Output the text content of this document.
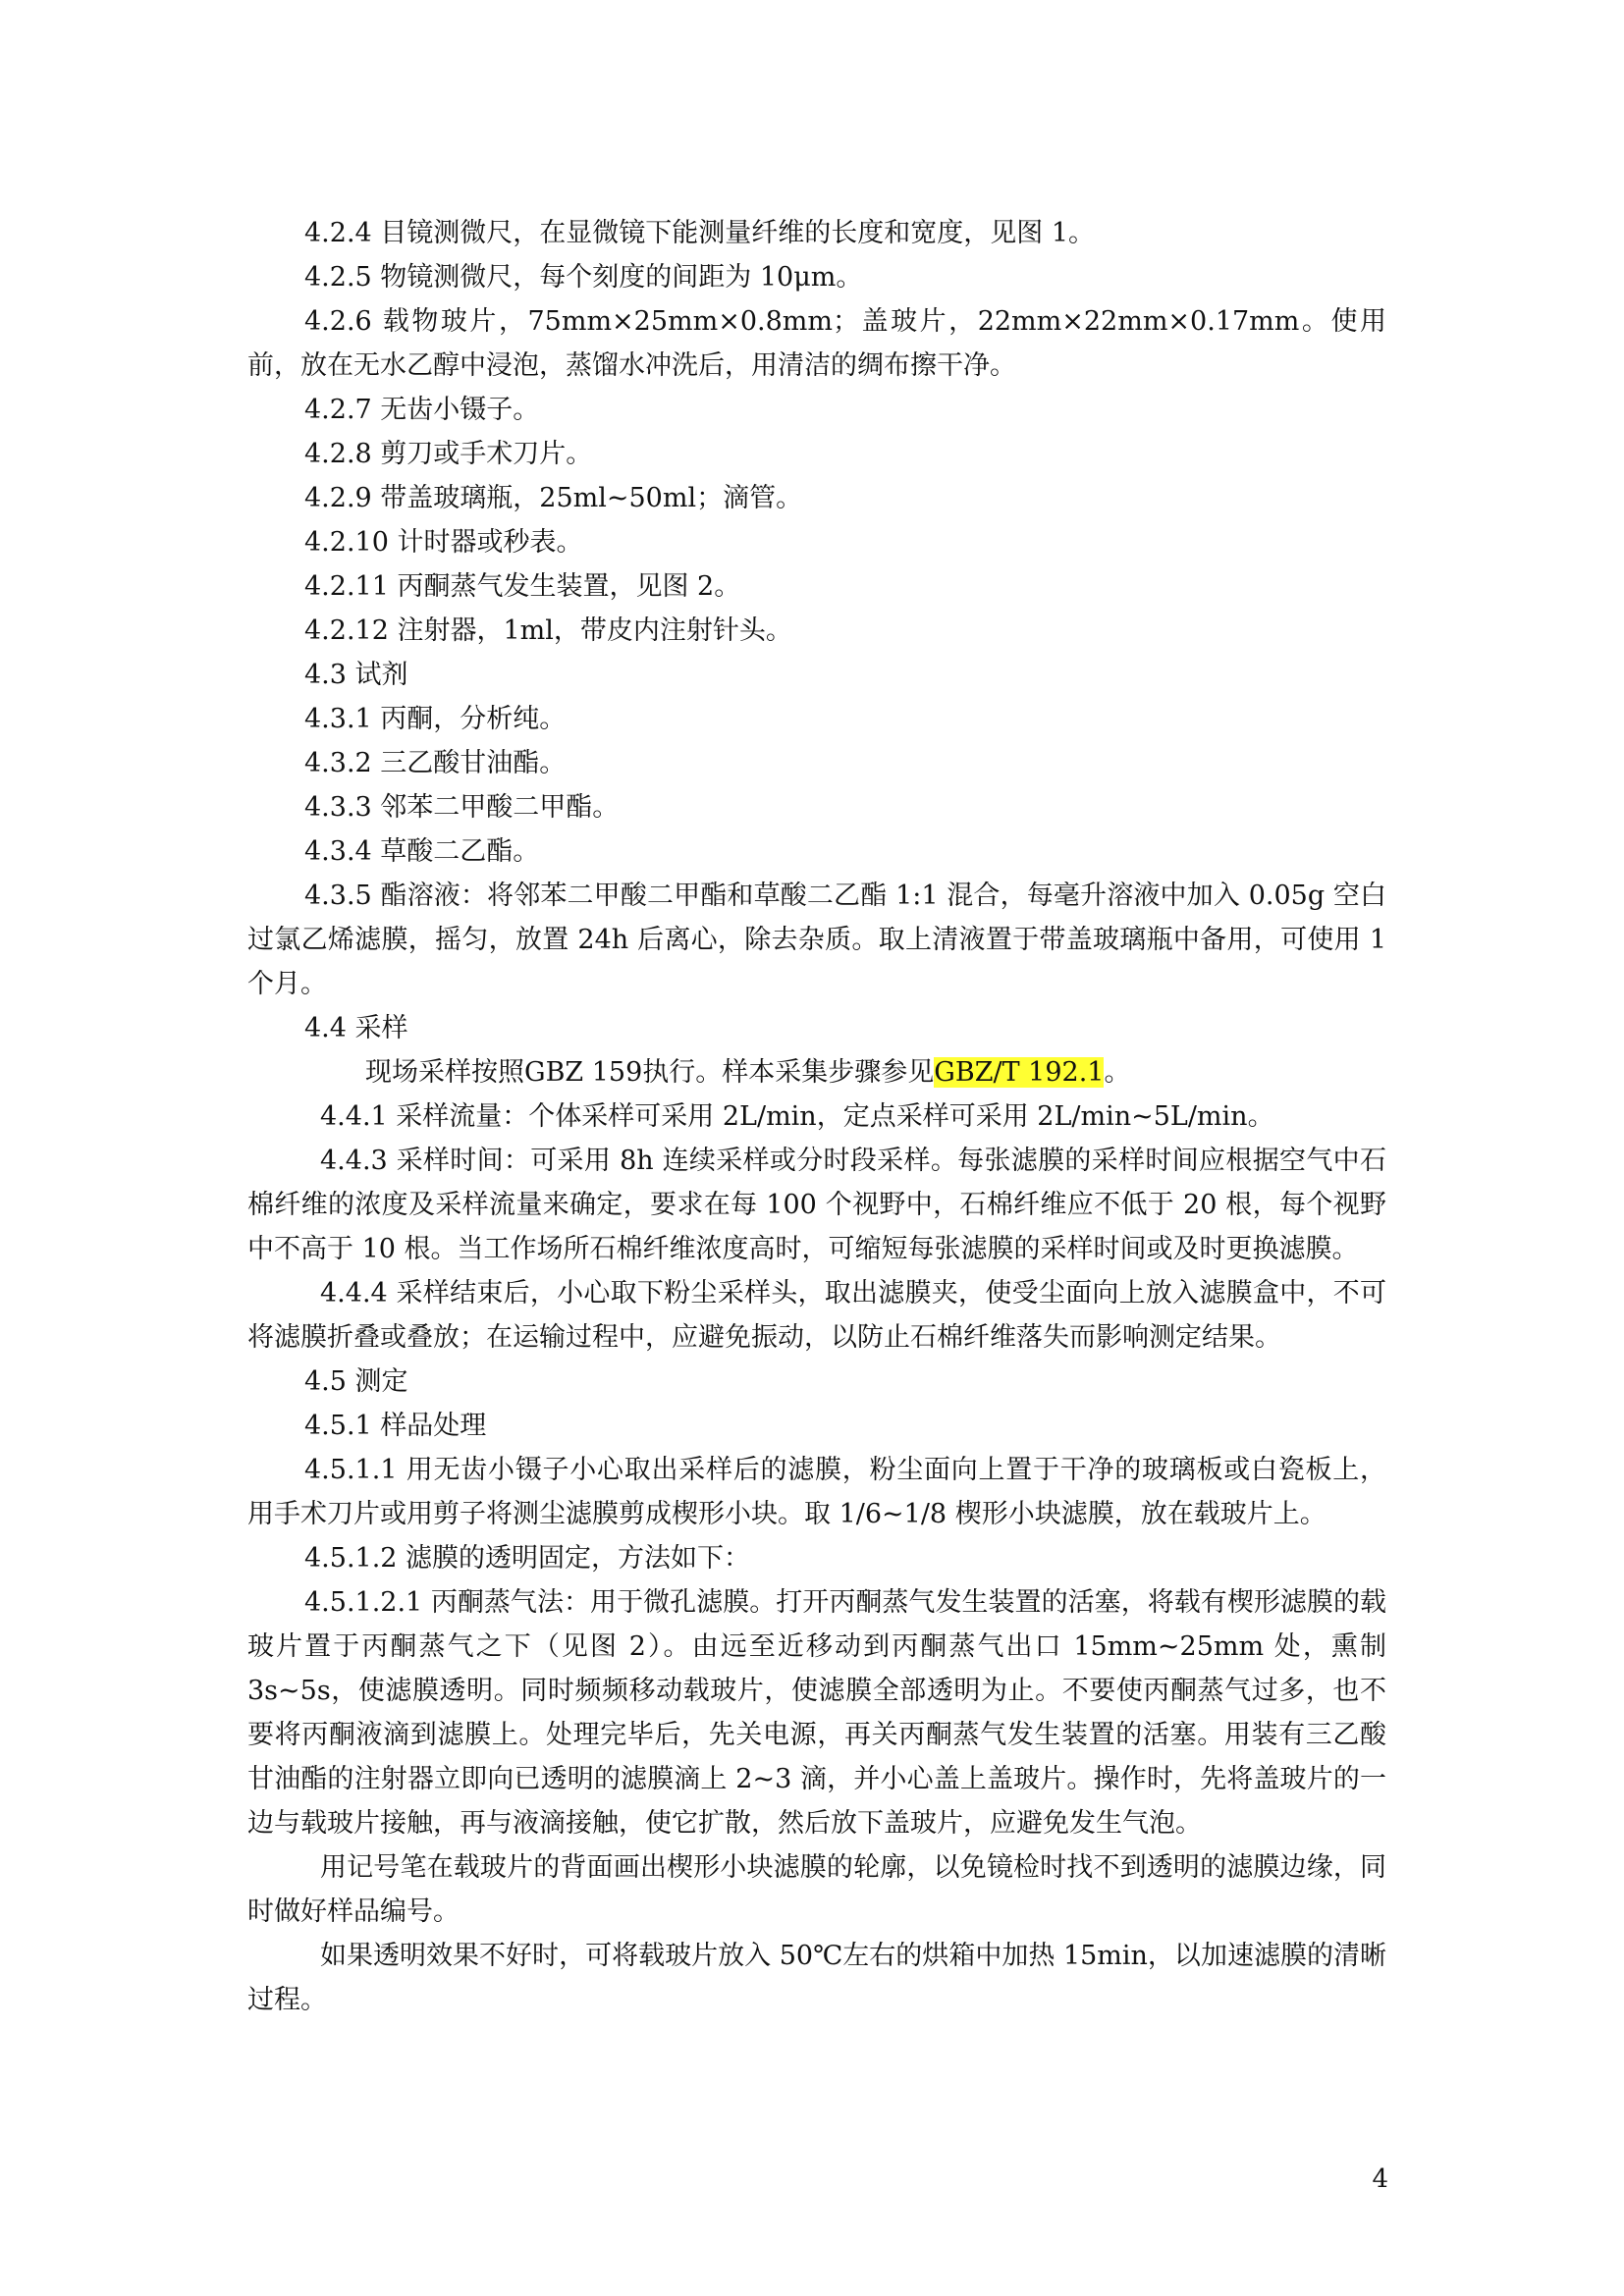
4.2.4 目镜测微尺，在显微镜下能测量纤维的长度和宽度，见图 1。

4.2.5 物镜测微尺，每个刻度的间距为 10μm。

4.2.6 载物玻片，75mm×25mm×0.8mm；盖玻片，22mm×22mm×0.17mm。使用前，放在无水乙醇中浸泡，蒸馏水冲洗后，用清洁的绸布擦干净。

4.2.7 无齿小镊子。

4.2.8 剪刀或手术刀片。

4.2.9 带盖玻璃瓶，25ml~50ml；滴管。

4.2.10 计时器或秒表。

4.2.11 丙酮蒸气发生装置，见图 2。

4.2.12 注射器，1ml，带皮内注射针头。

4.3 试剂

4.3.1 丙酮，分析纯。

4.3.2 三乙酸甘油酯。

4.3.3 邻苯二甲酸二甲酯。

4.3.4 草酸二乙酯。

4.3.5 酯溶液：将邻苯二甲酸二甲酯和草酸二乙酯 1:1 混合，每毫升溶液中加入 0.05g 空白过氯乙烯滤膜，摇匀，放置 24h 后离心，除去杂质。取上清液置于带盖玻璃瓶中备用，可使用 1 个月。

4.4 采样

现场采样按照GBZ 159执行。样本采集步骤参见GBZ/T 192.1。

4.4.1 采样流量：个体采样可采用 2L/min，定点采样可采用 2L/min~5L/min。

4.4.3 采样时间：可采用 8h 连续采样或分时段采样。每张滤膜的采样时间应根据空气中石棉纤维的浓度及采样流量来确定，要求在每 100 个视野中，石棉纤维应不低于 20 根，每个视野中不高于 10 根。当工作场所石棉纤维浓度高时，可缩短每张滤膜的采样时间或及时更换滤膜。

4.4.4 采样结束后，小心取下粉尘采样头，取出滤膜夹，使受尘面向上放入滤膜盒中，不可将滤膜折叠或叠放；在运输过程中，应避免振动，以防止石棉纤维落失而影响测定结果。

4.5 测定

4.5.1 样品处理

4.5.1.1 用无齿小镊子小心取出采样后的滤膜，粉尘面向上置于干净的玻璃板或白瓷板上，用手术刀片或用剪子将测尘滤膜剪成楔形小块。取 1/6~1/8 楔形小块滤膜，放在载玻片上。

4.5.1.2 滤膜的透明固定，方法如下：

4.5.1.2.1 丙酮蒸气法：用于微孔滤膜。打开丙酮蒸气发生装置的活塞，将载有楔形滤膜的载玻片置于丙酮蒸气之下（见图 2）。由远至近移动到丙酮蒸气出口 15mm~25mm 处，熏制 3s~5s，使滤膜透明。同时频频移动载玻片，使滤膜全部透明为止。不要使丙酮蒸气过多，也不要将丙酮液滴到滤膜上。处理完毕后，先关电源，再关丙酮蒸气发生装置的活塞。用装有三乙酸甘油酯的注射器立即向已透明的滤膜滴上 2~3 滴，并小心盖上盖玻片。操作时，先将盖玻片的一边与载玻片接触，再与液滴接触，使它扩散，然后放下盖玻片，应避免发生气泡。

用记号笔在载玻片的背面画出楔形小块滤膜的轮廓，以免镜检时找不到透明的滤膜边缘，同时做好样品编号。

如果透明效果不好时，可将载玻片放入 50℃左右的烘箱中加热 15min，以加速滤膜的清晰过程。

4
